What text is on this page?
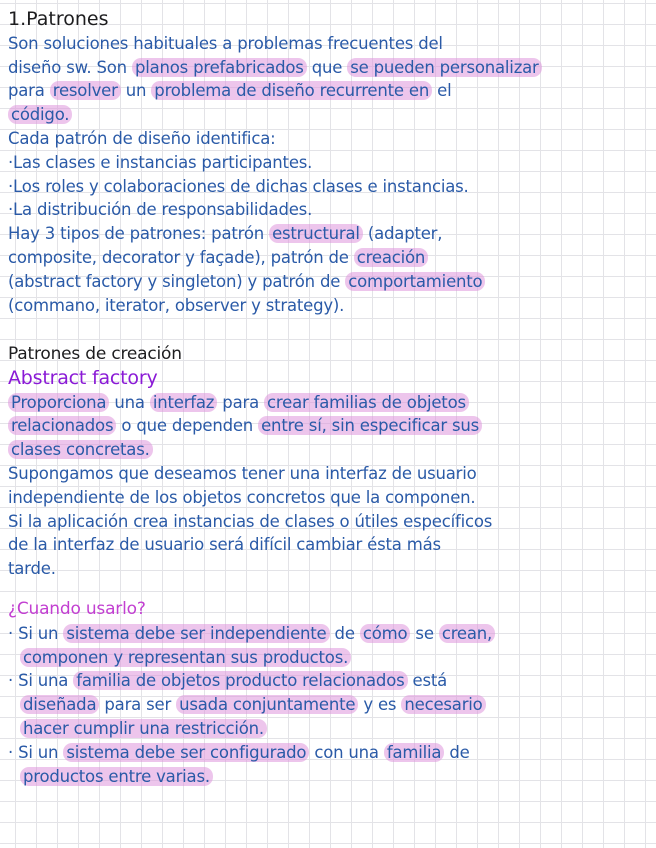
1.Patrones
Son soluciones habituales a problemas frecuentes del
diseño sw. Son planos prefabricados que se pueden personalizar
para resolver un problema de diseño recurrente en el
código.
Cada patrón de diseño identifica:
·Las clases e instancias participantes.
·Los roles y colaboraciones de dichas clases e instancias.
·La distribución de responsabilidades.
Hay 3 tipos de patrones: patrón estructural (adapter,
composite, decorator y façade), patrón de creación
(abstract factory y singleton) y patrón de comportamiento
(commano, iterator, observer y strategy).
Patrones de creación
Abstract factory
Proporciona una interfaz para crear familias de objetos
relacionados o que dependen entre sí, sin especificar sus
clases concretas.
Supongamos que deseamos tener una interfaz de usuario
independiente de los objetos concretos que la componen.
Si la aplicación crea instancias de clases o útiles específicos
de la interfaz de usuario será difícil cambiar ésta más
tarde.
¿Cuando usarlo?
· Si un sistema debe ser independiente de cómo se crean,
componen y representan sus productos.
· Si una familia de objetos producto relacionados está
diseñada para ser usada conjuntamente y es necesario
hacer cumplir una restricción.
· Si un sistema debe ser configurado con una familia de
productos entre varias.
